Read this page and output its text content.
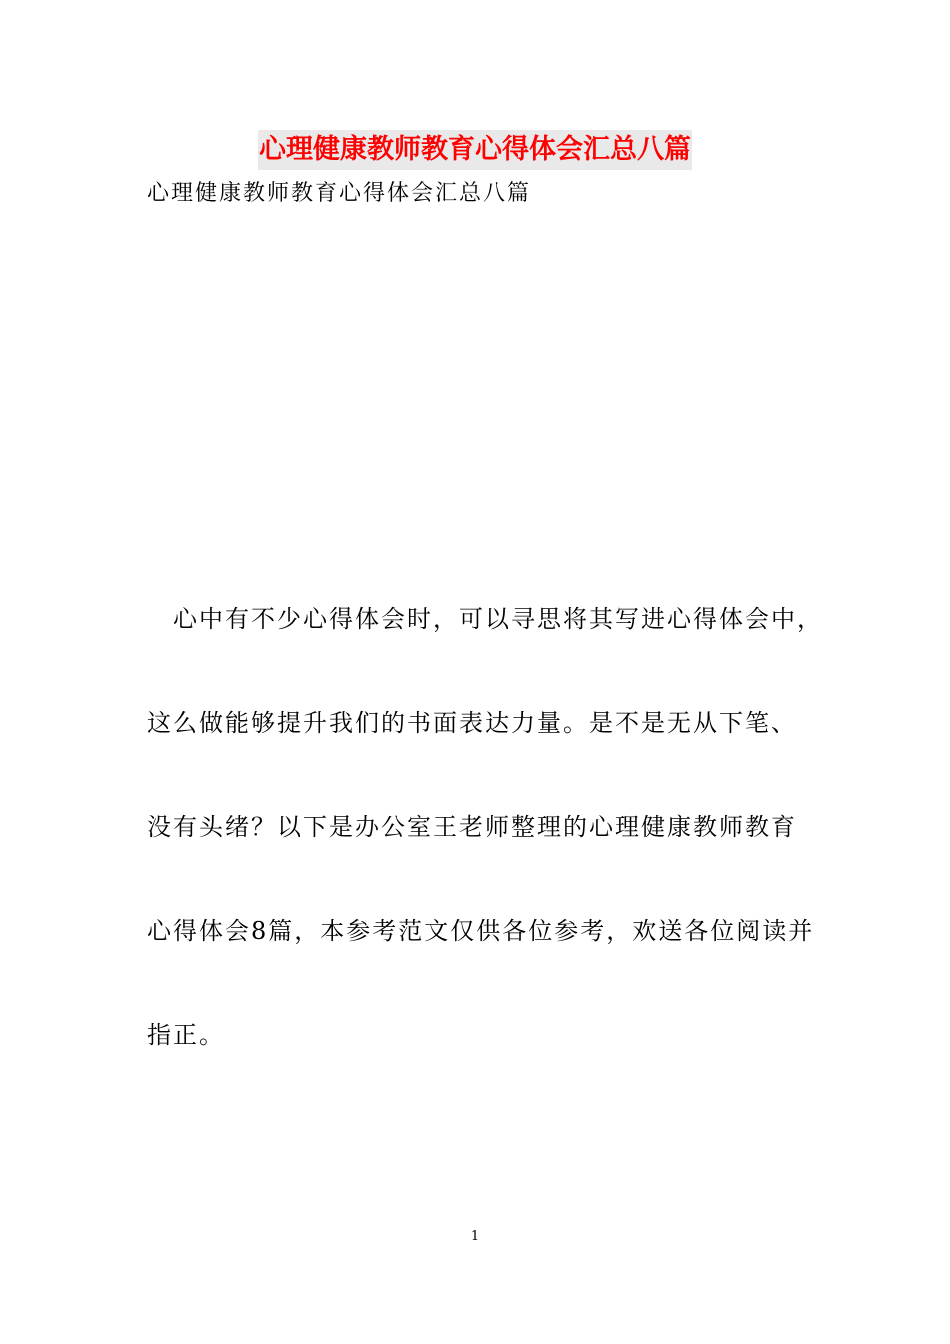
心理健康教师教育心得体会汇总八篇

心理健康教师教育心得体会汇总八篇

心中有不少心得体会时，可以寻思将其写进心得体会中，
这么做能够提升我们的书面表达力量。是不是无从下笔、
没有头绪？以下是办公室王老师整理的心理健康教师教育
心得体会8篇，本参考范文仅供各位参考，欢送各位阅读并
指正。
1
